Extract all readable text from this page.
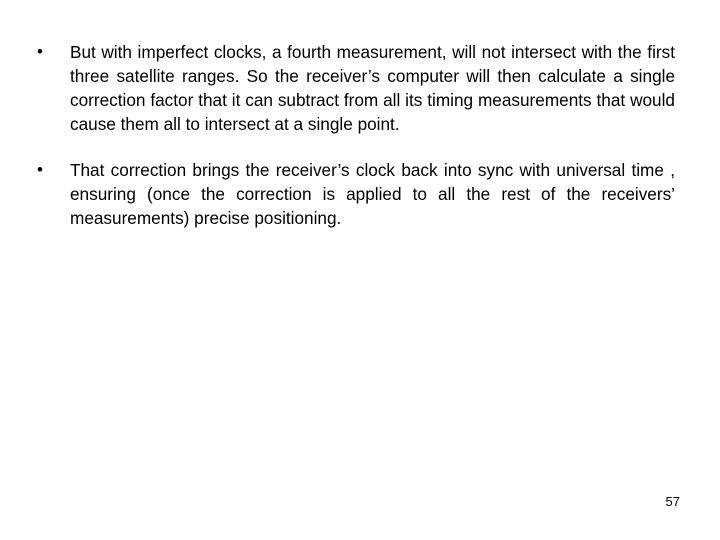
•	But with imperfect clocks, a fourth measurement, will not intersect with the first three satellite ranges. So the receiver’s computer will then calculate a single correction factor that it can subtract from all its timing measurements that would cause them all to intersect at a single point.
•	That correction brings the receiver’s clock back into sync with universal time , ensuring (once the correction is applied to all the rest of the receivers’ measurements) precise positioning.
57
